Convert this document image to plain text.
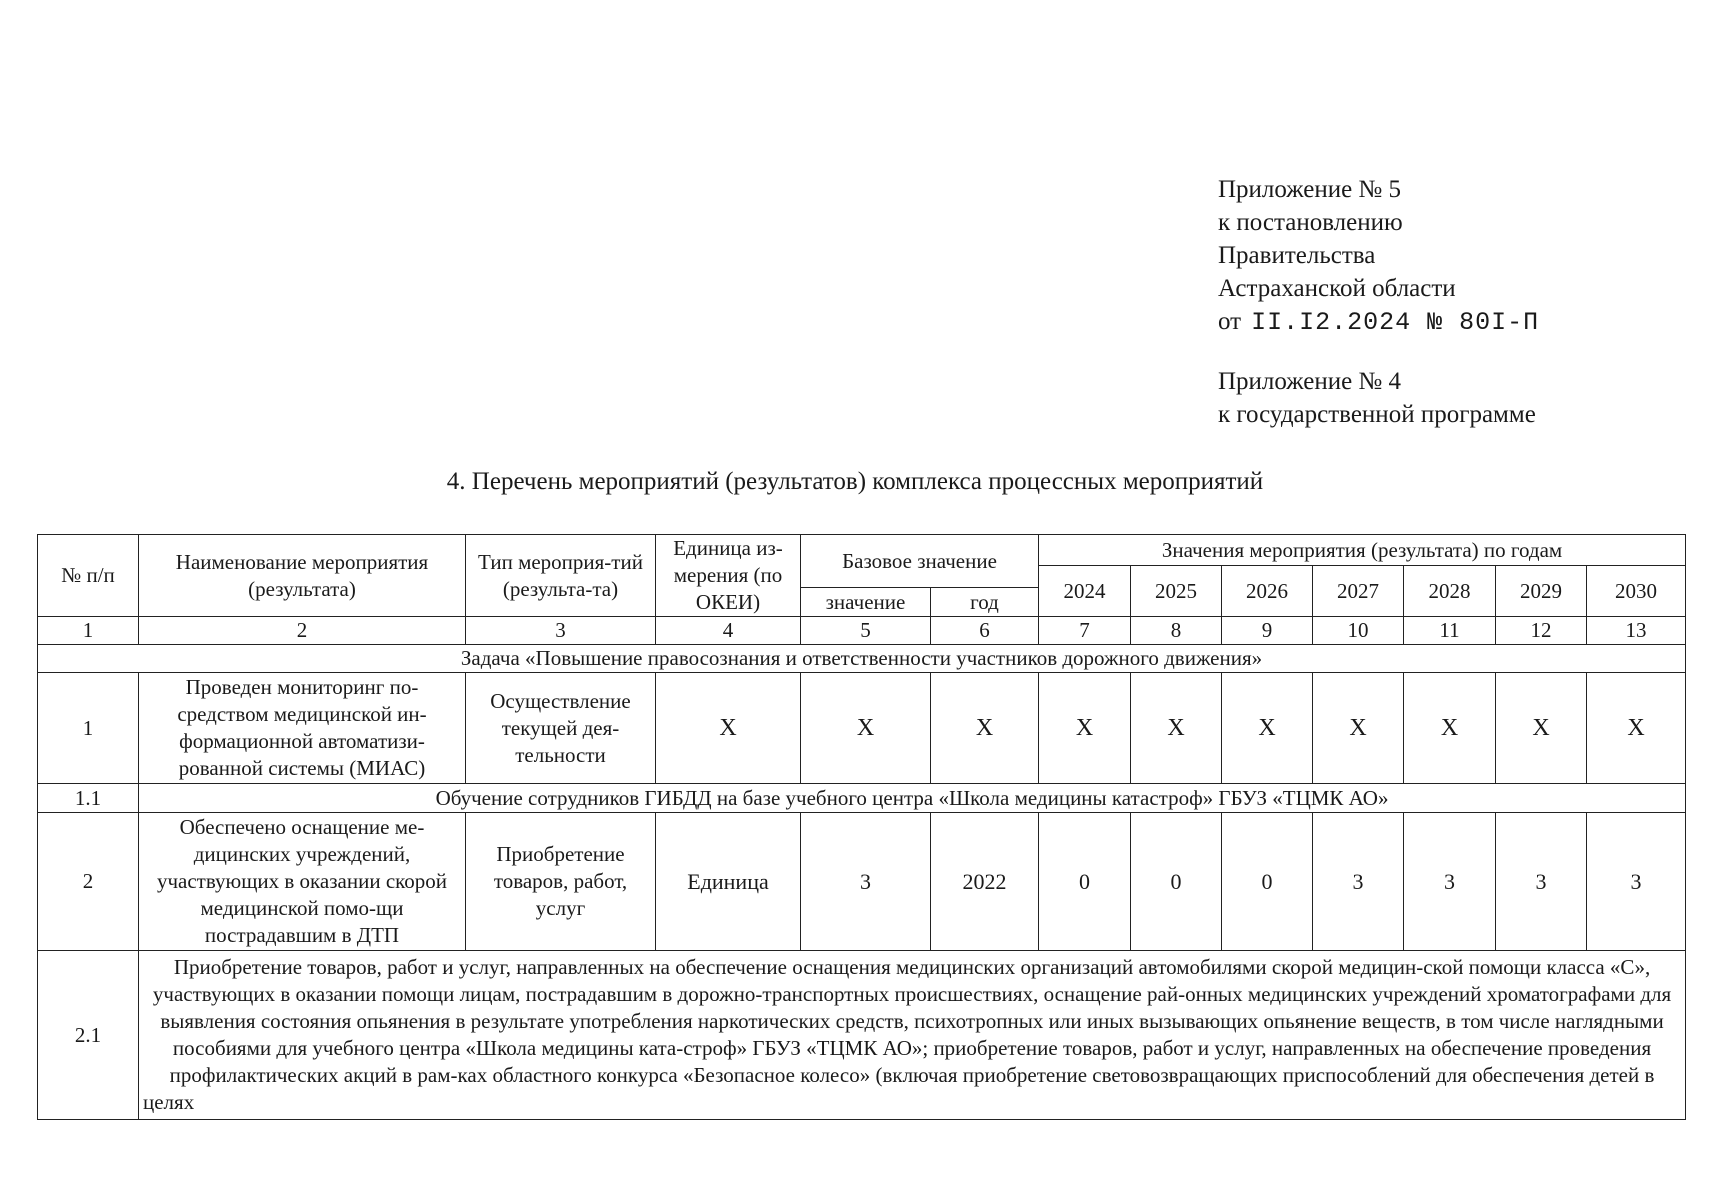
Приложение № 5
к постановлению
Правительства
Астраханской области
от II.I2.2024 № 80I-П
Приложение № 4
к государственной программе
4. Перечень мероприятий (результатов) комплекса процессных мероприятий
№ п/п	Наименование мероприятия (результата)	Тип мероприя-тий (результа-та)	Единица из-мерения (по ОКЕИ)	Базовое значение		Значения мероприятия (результата) по годам						
						2024	2025	2026	2027	2028	2029	2030
				значение	год							
1	2	3	4	5	6	7	8	9	10	11	12	13
Задача «Повышение правосознания и ответственности участников дорожного движения»												
1	Проведен мониторинг по-средством медицинской ин-формационной автоматизи-рованной системы (МИАС)	Осуществление текущей дея-тельности	Х	Х	Х	Х	Х	Х	Х	Х	Х	Х
1.1	Обучение сотрудников ГИБДД на базе учебного центра «Школа медицины катастроф» ГБУЗ «ТЦМК АО»											
2	Обеспечено оснащение ме-дицинских учреждений, участвующих в оказании скорой медицинской помо-щи пострадавшим в ДТП	Приобретение товаров, работ, услуг	Единица	3	2022	0	0	0	3	3	3	3
2.1	Приобретение товаров, работ и услуг, направленных на обеспечение оснащения медицинских организаций автомобилями скорой медицин-ской помощи класса «С», участвующих в оказании помощи лицам, пострадавшим в дорожно-транспортных происшествиях, оснащение рай-онных медицинских учреждений хроматографами для выявления состояния опьянения в результате употребления наркотических средств, психотропных или иных вызывающих опьянение веществ, в том числе наглядными пособиями для учебного центра «Школа медицины ката-строф» ГБУЗ «ТЦМК АО»; приобретение товаров, работ и услуг, направленных на обеспечение проведения профилактических акций в рам-ках областного конкурса «Безопасное колесо» (включая приобретение световозвращающих приспособлений для обеспечения детей в целях											
